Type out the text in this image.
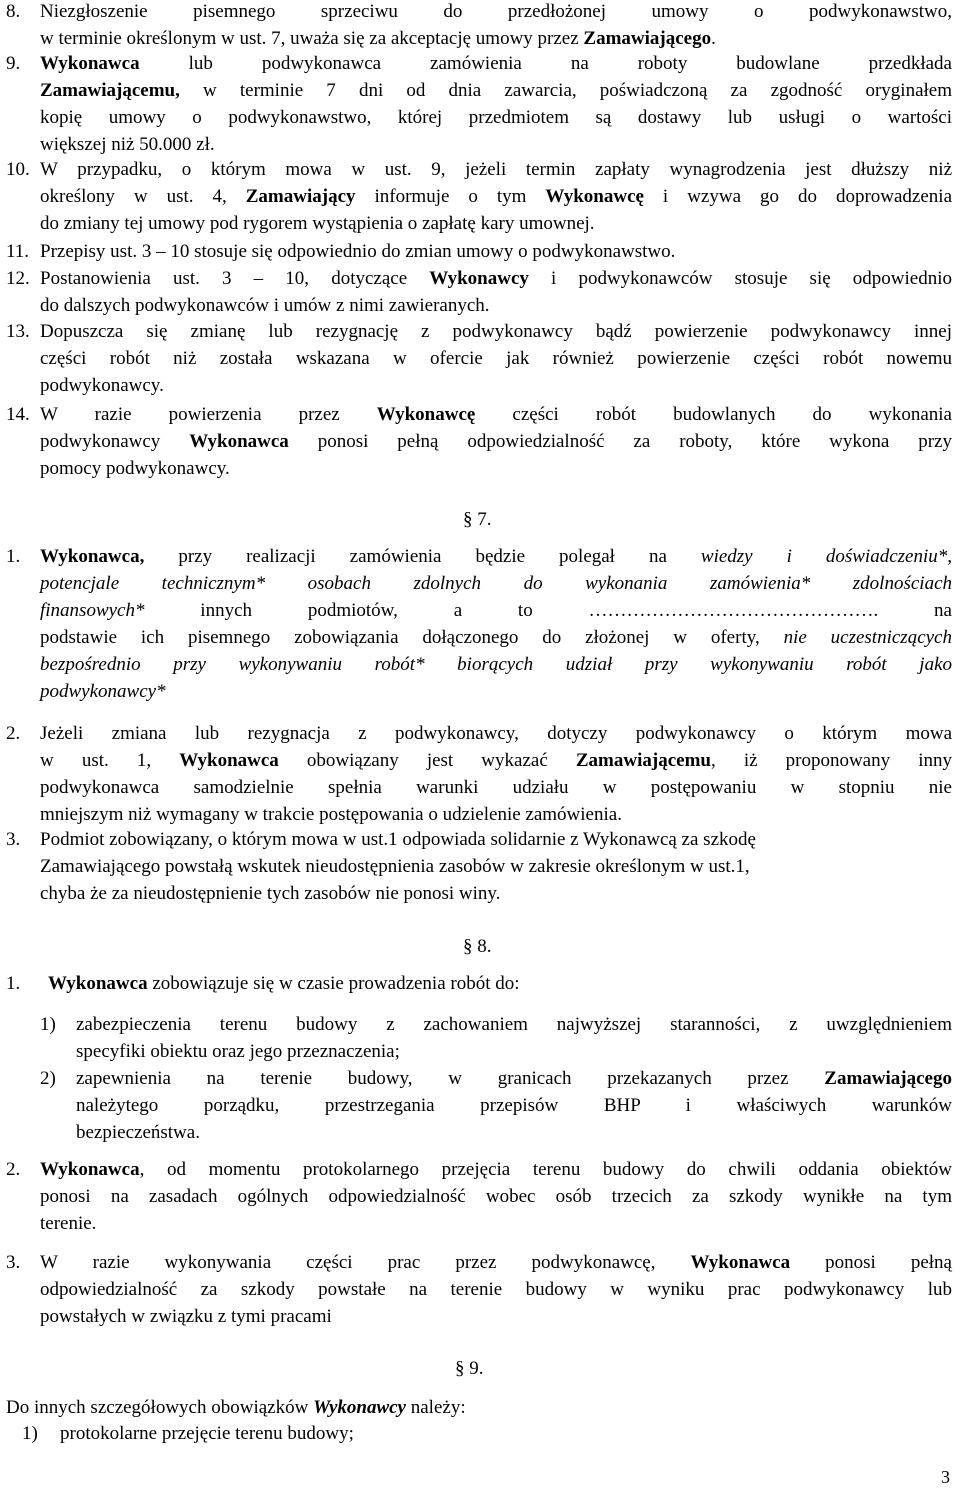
8. Niezgłoszenie pisemnego sprzeciwu do przedłożonej umowy o podwykonawstwo,
w terminie określonym w ust. 7, uważa się za akceptację umowy przez Zamawiającego.
9. Wykonawca lub podwykonawca zamówienia na roboty budowlane przedkłada
Zamawiającemu, w terminie 7 dni od dnia zawarcia, poświadczoną za zgodność oryginałem
kopię umowy o podwykonawstwo, której przedmiotem są dostawy lub usługi o wartości
większej niż 50.000 zł.
10. W przypadku, o którym mowa w ust. 9, jeżeli termin zapłaty wynagrodzenia jest dłuższy niż
określony w ust. 4, Zamawiający informuje o tym Wykonawcę i wzywa go do doprowadzenia
do zmiany tej umowy pod rygorem wystąpienia o zapłatę kary umownej.
11. Przepisy ust. 3 – 10 stosuje się odpowiednio do zmian umowy o podwykonawstwo.
12. Postanowienia ust. 3 – 10, dotyczące Wykonawcy i podwykonawców stosuje się odpowiednio
do dalszych podwykonawców i umów z nimi zawieranych.
13. Dopuszcza się zmianę lub rezygnację z podwykonawcy bądź powierzenie podwykonawcy innej
części robót niż została wskazana w ofercie jak również powierzenie części robót nowemu
podwykonawcy.
14. W razie powierzenia przez Wykonawcę części robót budowlanych do wykonania
podwykonawcy Wykonawca ponosi pełną odpowiedzialność za roboty, które wykona przy
pomocy podwykonawcy.
§ 7.
1. Wykonawca, przy realizacji zamówienia będzie polegał na wiedzy i doświadczeniu*,
potencjale technicznym* osobach zdolnych do wykonania zamówienia* zdolnościach
finansowych* innych podmiotów, a to ………………………………………. na
podstawie ich pisemnego zobowiązania dołączonego do złożonej w oferty, nie uczestniczących
bezpośrednio przy wykonywaniu robót* biorących udział przy wykonywaniu robót jako
podwykonawcy*
2. Jeżeli zmiana lub rezygnacja z podwykonawcy, dotyczy podwykonawcy o którym mowa
w ust. 1, Wykonawca obowiązany jest wykazać Zamawiającemu, iż proponowany inny
podwykonawca samodzielnie spełnia warunki udziału w postępowaniu w stopniu nie
mniejszym niż wymagany w trakcie postępowania o udzielenie zamówienia.
3. Podmiot zobowiązany, o którym mowa w ust.1 odpowiada solidarnie z Wykonawcą za szkodę
Zamawiającego powstałą wskutek nieudostępnienia zasobów w zakresie określonym w ust.1,
chyba że za nieudostępnienie tych zasobów nie ponosi winy.
§ 8.
1. Wykonawca zobowiązuje się w czasie prowadzenia robót do:
1) zabezpieczenia terenu budowy z zachowaniem najwyższej staranności, z uwzględnieniem
specyfiki obiektu oraz jego przeznaczenia;
2) zapewnienia na terenie budowy, w granicach przekazanych przez Zamawiającego
należytego porządku, przestrzegania przepisów BHP i właściwych warunków
bezpieczeństwa.
2. Wykonawca, od momentu protokolarnego przejęcia terenu budowy do chwili oddania obiektów
ponosi na zasadach ogólnych odpowiedzialność wobec osób trzecich za szkody wynikłe na tym
terenie.
3. W razie wykonywania części prac przez podwykonawcę, Wykonawca ponosi pełną
odpowiedzialność za szkody powstałe na terenie budowy w wyniku prac podwykonawcy lub
powstałych w związku z tymi pracami
§ 9.
Do innych szczegółowych obowiązków Wykonawcy należy:
1) protokolarne przejęcie terenu budowy;
3
